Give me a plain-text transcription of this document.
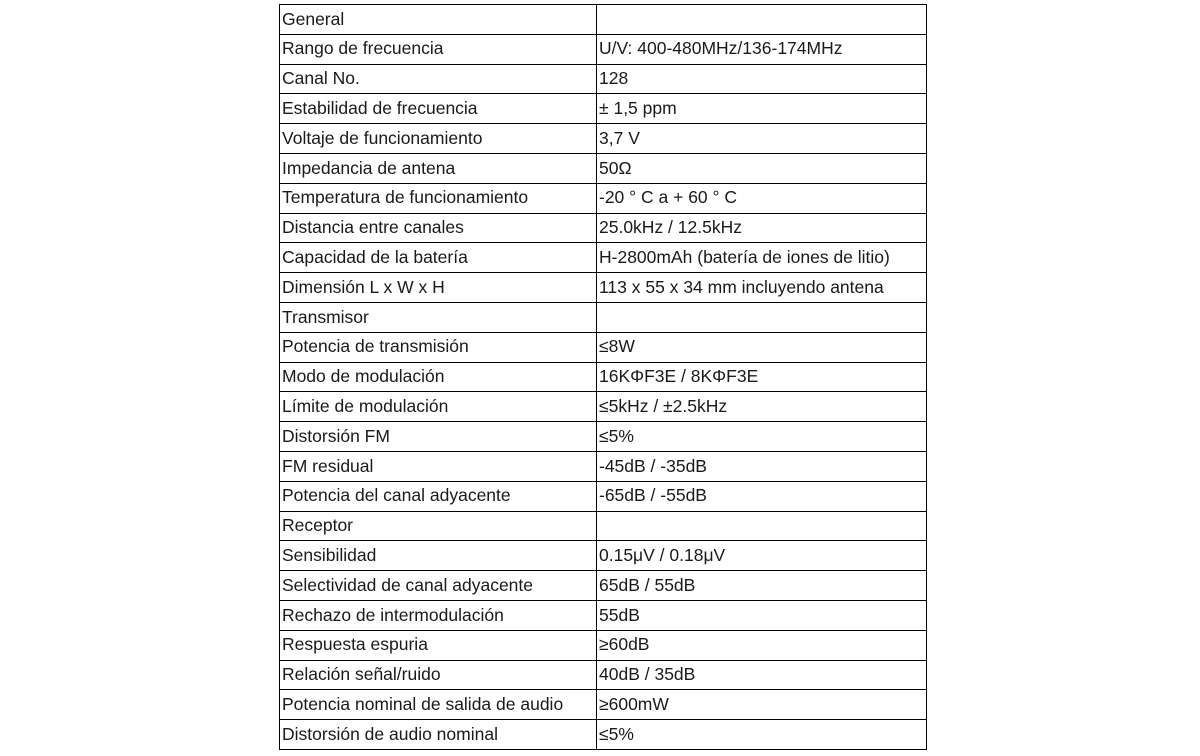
General	
Rango de frecuencia	U/V: 400-480MHz/136-174MHz
Canal No.	128
Estabilidad de frecuencia	± 1,5 ppm
Voltaje de funcionamiento	3,7 V
Impedancia de antena	50Ω
Temperatura de funcionamiento	-20 ° C a + 60 ° C
Distancia entre canales	25.0kHz / 12.5kHz
Capacidad de la batería	H-2800mAh (batería de iones de litio)
Dimensión L x W x H	113 x 55 x 34 mm incluyendo antena
Transmisor	
Potencia de transmisión	≤8W
Modo de modulación	16KΦF3E / 8KΦF3E
Límite de modulación	≤5kHz / ±2.5kHz
Distorsión FM	≤5%
FM residual	-45dB / -35dB
Potencia del canal adyacente	-65dB / -55dB
Receptor	
Sensibilidad	0.15μV / 0.18μV
Selectividad de canal adyacente	65dB / 55dB
Rechazo de intermodulación	55dB
Respuesta espuria	≥60dB
Relación señal/ruido	40dB / 35dB
Potencia nominal de salida de audio	≥600mW
Distorsión de audio nominal	≤5%
